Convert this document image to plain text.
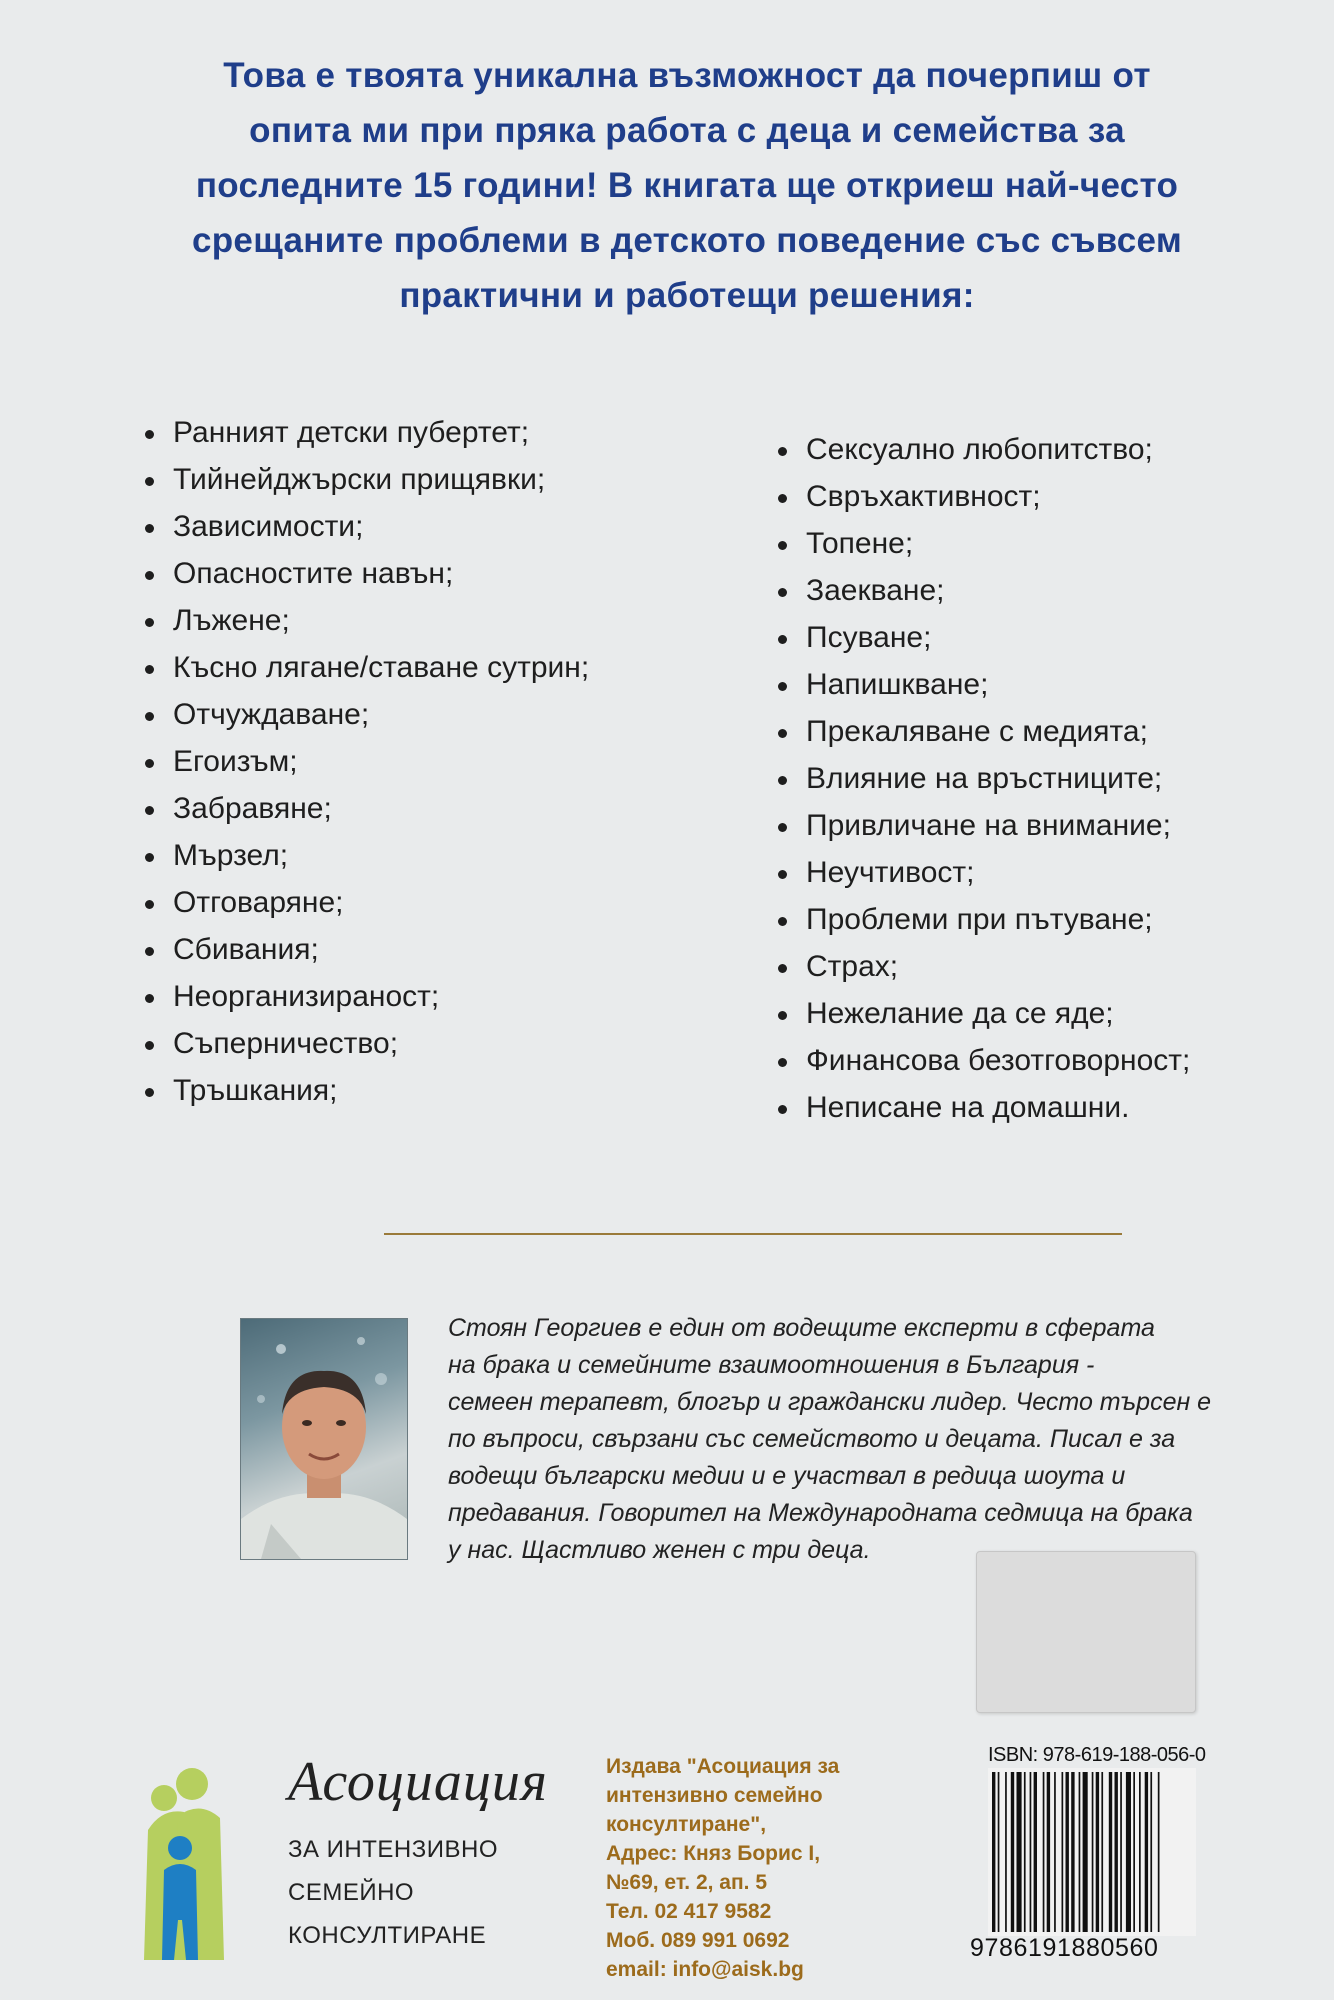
Това е твоята уникална възможност да почерпиш от
опита ми при пряка работа с деца и семейства за
последните 15 години! В книгата ще откриеш най-често
срещаните проблеми в детското поведение със съвсем
практични и работещи решения:
Ранният детски пубертет;
Тийнейджърски прищявки;
Зависимости;
Опасностите навън;
Лъжене;
Късно лягане/ставане сутрин;
Отчуждаване;
Егоизъм;
Забравяне;
Мързел;
Отговаряне;
Сбивания;
Неорганизираност;
Съперничество;
Тръшкания;
Сексуално любопитство;
Свръхактивност;
Топене;
Заекване;
Псуване;
Напишкване;
Прекаляване с медията;
Влияние на връстниците;
Привличане на внимание;
Неучтивост;
Проблеми при пътуване;
Страх;
Нежелание да се яде;
Финансова безотговорност;
Неписане на домашни.
Стоян Георгиев е един от водещите експерти в сферата
на брака и семейните взаимоотношения в България -
семеен терапевт, блогър и граждански лидер. Често търсен е
по въпроси, свързани със семейството и децата. Писал е за
водещи български медии и е участвал в редица шоута и
предавания. Говорител на Международната седмица на брака
у нас. Щастливо женен с три деца.
Асоциация
ЗА ИНТЕНЗИВНО
СЕМЕЙНО
КОНСУЛТИРАНЕ
Издава "Асоциация за
интензивно семейно
консултиране",
Адрес: Княз Борис I,
№69, ет. 2, ап. 5
Тел. 02 417 9582
Моб. 089 991 0692
email: info@aisk.bg
ISBN: 978-619-188-056-0
9786191880560
